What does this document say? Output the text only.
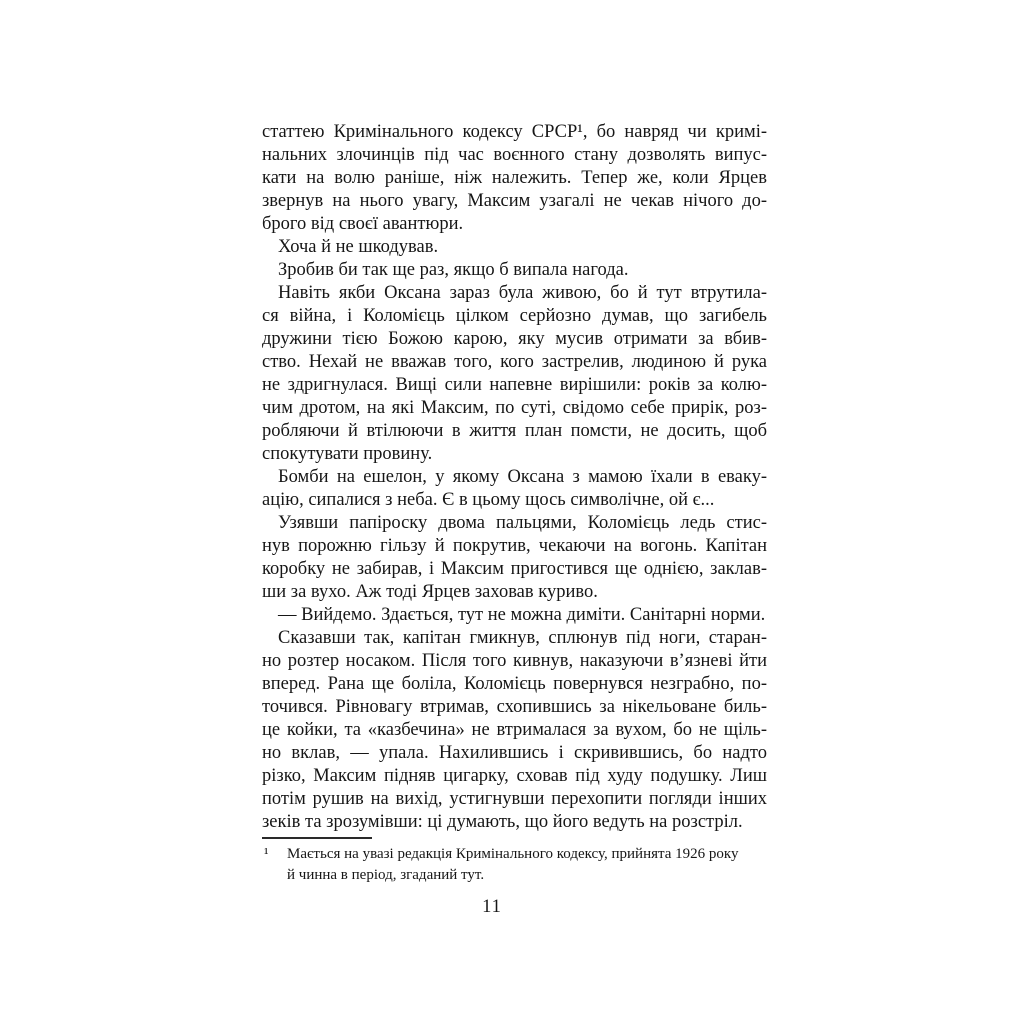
статтею Кримінального кодексу СРСР¹, бо навряд чи кримі-
нальних злочинців під час воєнного стану дозволять випус-
кати на волю раніше, ніж належить. Тепер же, коли Ярцев
звернув на нього увагу, Максим узагалі не чекав нічого до-
брого від своєї авантюри.
Хоча й не шкодував.
Зробив би так ще раз, якщо б випала нагода.
Навіть якби Оксана зараз була живою, бо й тут втрутила-
ся війна, і Коломієць цілком серйозно думав, що загибель
дружини тією Божою карою, яку мусив отримати за вбив-
ство. Нехай не вважав того, кого застрелив, людиною й рука
не здригнулася. Вищі сили напевне вирішили: років за колю-
чим дротом, на які Максим, по суті, свідомо себе прирік, роз-
робляючи й втілюючи в життя план помсти, не досить, щоб
спокутувати провину.
Бомби на ешелон, у якому Оксана з мамою їхали в еваку-
ацію, сипалися з неба. Є в цьому щось символічне, ой є...
Узявши папіроску двома пальцями, Коломієць ледь стис-
нув порожню гільзу й покрутив, чекаючи на вогонь. Капітан
коробку не забирав, і Максим пригостився ще однією, заклав-
ши за вухо. Аж тоді Ярцев заховав куриво.
— Вийдемо. Здається, тут не можна диміти. Санітарні норми.
Сказавши так, капітан гмикнув, сплюнув під ноги, старан-
но розтер носаком. Після того кивнув, наказуючи в’язневі йти
вперед. Рана ще боліла, Коломієць повернувся незграбно, по-
точився. Рівновагу втримав, схопившись за нікельоване биль-
це койки, та «казбечина» не втрималася за вухом, бо не щіль-
но вклав, — упала. Нахилившись і скривившись, бо надто
різко, Максим підняв цигарку, сховав під худу подушку. Лиш
потім рушив на вихід, устигнувши перехопити погляди інших
зеків та зрозумівши: ці думають, що його ведуть на розстріл.
¹ Мається на увазі редакція Кримінального кодексу, прийнята 1926 року
й чинна в період, згаданий тут.
11
